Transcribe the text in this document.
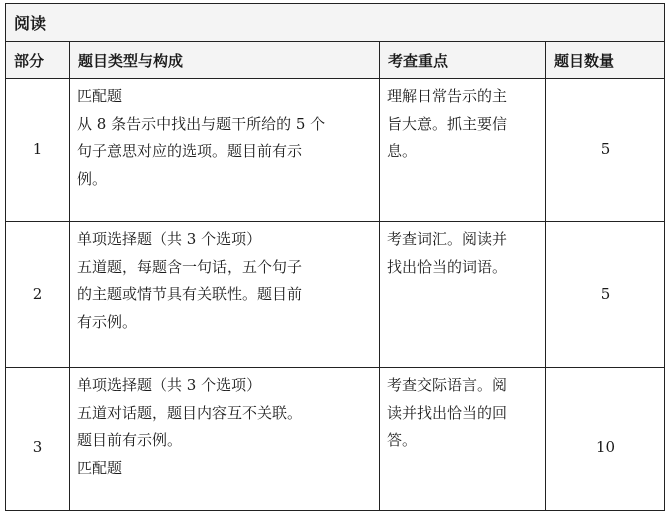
阅读			
部分	题目类型与构成	考查重点	题目数量
1	匹配题
从 8 条告示中找出与题干所给的 5 个
句子意思对应的选项。题目前有示
例。	理解日常告示的主
旨大意。抓主要信
息。	5
2	单项选择题（共 3 个选项）
五道题，每题含一句话，五个句子
的主题或情节具有关联性。题目前
有示例。	考查词汇。阅读并
找出恰当的词语。	5
3	单项选择题（共 3 个选项）
五道对话题，题目内容互不关联。
题目前有示例。
匹配题	考查交际语言。阅
读并找出恰当的回
答。	10
